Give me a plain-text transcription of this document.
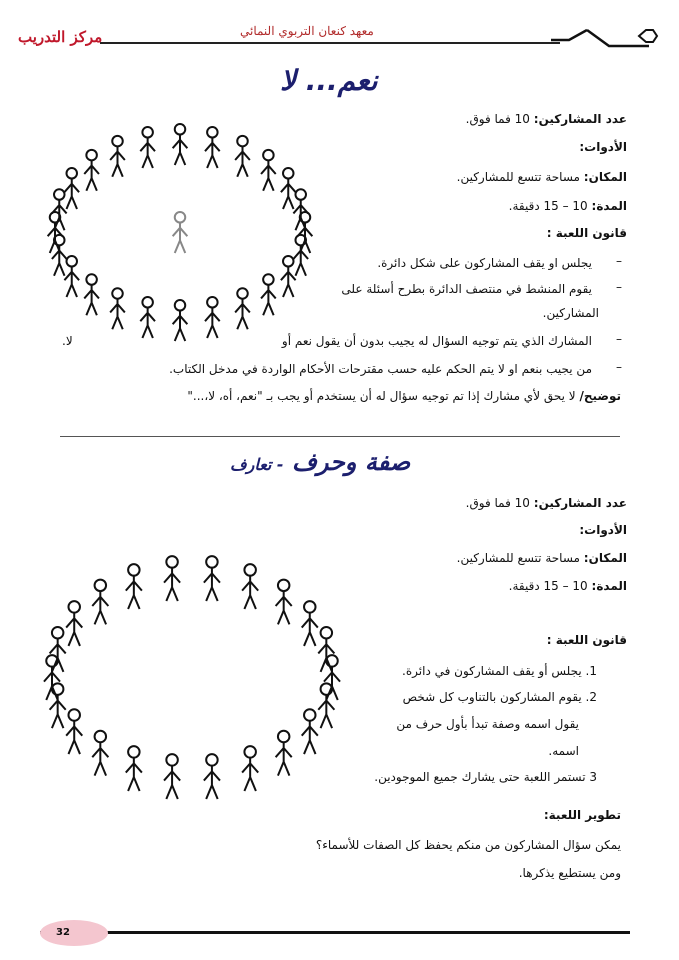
مركز التدريب	معهد كنعان التربوي النمائي
نعم... لا
عدد المشاركين: 10 فما فوق.
الأدوات:
المكان: مساحة تتسع للمشاركين.
المدة: 10 – 15 دقيقة.
قانون اللعبة :
–
يجلس او يقف المشاركون على شكل دائرة.
–
يقوم المنشط في منتصف الدائرة بطرح أسئلة على
المشاركين.
–
المشارك الذي يتم توجيه السؤال له يجيب بدون أن يقول نعم أو
لا.
–
من يجيب بنعم او لا يتم الحكم عليه حسب مقترحات الأحكام الواردة في مدخل الكتاب.
توضيح/ لا يحق لأي مشارك إذا تم توجيه سؤال له أن يستخدم أو يجب بـ "نعم، أه، لا،..."
صفة وحرف - تعارف
عدد المشاركين: 10 فما فوق.
الأدوات:
المكان: مساحة تتسع للمشاركين.
المدة: 10 – 15 دقيقة.
قانون اللعبة :
1. يجلس أو يقف المشاركون في دائرة.
2. يقوم المشاركون بالتناوب كل شخص
يقول اسمه وصفة تبدأ بأول حرف من
اسمه.
3 تستمر اللعبة حتى يشارك جميع الموجودين.
تطوير اللعبة:
يمكن سؤال المشاركون من منكم يحفظ كل الصفات للأسماء؟
ومن يستطيع يذكرها.
32
